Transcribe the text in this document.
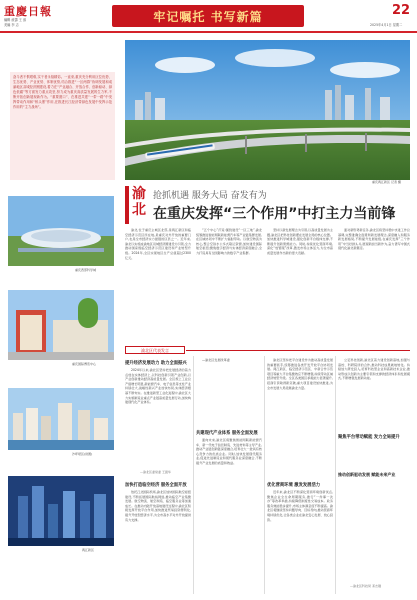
重慶日報
編輯 統籌 王 維
美編 李 志
牢记嘱托 书写新篇	22
2025年4月1日 星期二
奋斗者不惧艰难,实干者永续精彩。一直来,重庆充分利用区位优势、生态优势、产业优势、体制优势,结合推进“一区两群”协调发展和成渝地区双城经济圈建设,着力在“产业融合、开放合作、创新驱动、绿色低碳”等方面发力重点攻坚,努力成为重庆高质量发展的生力军,不断开拓创新展现新作为。“重要窗口”、在推进共建“一带一路”中发挥带动作用和“桥头堡”作用,在推进长江经济带绿色发展中发挥示范作用的“主力战场”。
重庆两江新区 记者 摄
渝北
抢抓机遇 服务大局 奋发有为
在重庆发挥“三个作用”中打主力当前锋
重庆西部科学城
重庆国际博览中心
沙坪坝区(供图)
两江新区

渝北,位于重庆主城区北部,是两江新区和临空经济示范区所在地,是重庆对外开放的重要门户,也是全市经济实力最强的区县之一。近年来,渝北以实施成渝地区双城经济圈建设为引领,全力推动国家级临空经济示范区建设和产业转型升级。2024年,全区实现地区生产总值超过2300亿元。

“五个中心”打造:围绕建设“一区三地”,渝北统筹推进智能网联新能源汽车等产业链集群发展,在区域协同中不断扩大辐射带动。以航空物流为核心,整合空铁水公多式联运资源,加快建设国际航空枢纽;聚焦数字经济与实体经济深度融合,全力打造具有全国影响力的数字产业集群。

坚持以新发展理念为引领,以高质量发展为主题,渝北区把科技创新摆在发展全局的核心位置。加快推进科学城建设,强化创新平台载体支撑,不断提升创新策源能力。同时,持续优化营商环境,深化“放管服”改革,激发市场主体活力,为全市高质量发展作出新的更大贡献。

面对新形势新任务,渝北区将坚持稳中求进工作总基调,完整准确全面贯彻新发展理念,深度融入和服务新发展格局,不断提升发展能级,在重庆发挥“三个作用”中当好排头兵,展现新担当新作为,奋力谱写中国式现代化渝北新篇章。

渝北区代表发言
提升经济发展动力 助力全面振兴

2024年以来,渝北区坚持把发展经济的着力点放在实体经济上,以科技创新引领产业创新,以产业创新推动经济高质量发展。全区规上工业总产值增长明显,新能源汽车、电子信息等支柱产业持续壮大,战略性新兴产业加快布局,实体经济根基不断夯实。在推进新型工业化进程中,渝北区大力实施制造业重点产业链高质量发展行动,加快构建现代化产业体系。

—渝北区委常委 王振华
加快打造临空经济 服务全面开放

依托江北国际机场,渝北区加快国际航空枢纽建设,不断拓展国际航线网络,推动临空产业集聚发展。航空物流、航空制造、临空服务业等加速成长。在推动内陆开放高地建设过程中,渝北区积极发挥开放平台作用,加快推进贸易投资便利化,提升开放型经济水平,为全市高水平对外开放提供有力支撑。

—渝北区发展改革委

共建现代产业体系 服务全面发展

面向未来,渝北区将聚焦智能网联新能源汽车、新一代电子信息制造、先进材料等主导产业,推动产业链创新链深度融合,培育壮大一批具有核心竞争力的优质企业。同时,加快发展现代服务业,促进先进制造业和现代服务业深度融合,不断提升产业发展的质量和效益。

渝北区坚持把平台建设作为推动高质量发展的重要抓手,统筹推进各类开发开放平台协同发展。两江新区、临空经济示范区、中新合作示范项目等重大平台集聚效应不断增强,持续带动区域经济转型升级。全区各类园区承载能力显著提升,招商引资取得新突破,重大项目建设加快推进,为全市发展大局贡献渝北力量。

优化营商环境 激发发展活力

近年来,渝北区不断深化营商环境创新试点,聚焦企业全生命周期服务,推行“一件事一次办”等改革举措,持续降低制度性交易成本。政务服务效能稳步提升,市场主体满意度不断提高。渝北区将继续坚持问题导向、目标导向,推动营商环境持续优化,让各类企业在渝北安心发展、放心投资。

聚焦平台带动赋能 发力全局提升

立足科技创新,渝北区着力建设创新高地,加强与高校、科研院所的合作,推动科技成果就地转化。持续加大研发投入,培育科技型企业和高新技术企业,推动形成以创新为主要引领和支撑的经济体系和发展模式,不断增强发展新动能。

推动创新驱动发展 赋能未来产业
—渝北区科技局 邓志刚
